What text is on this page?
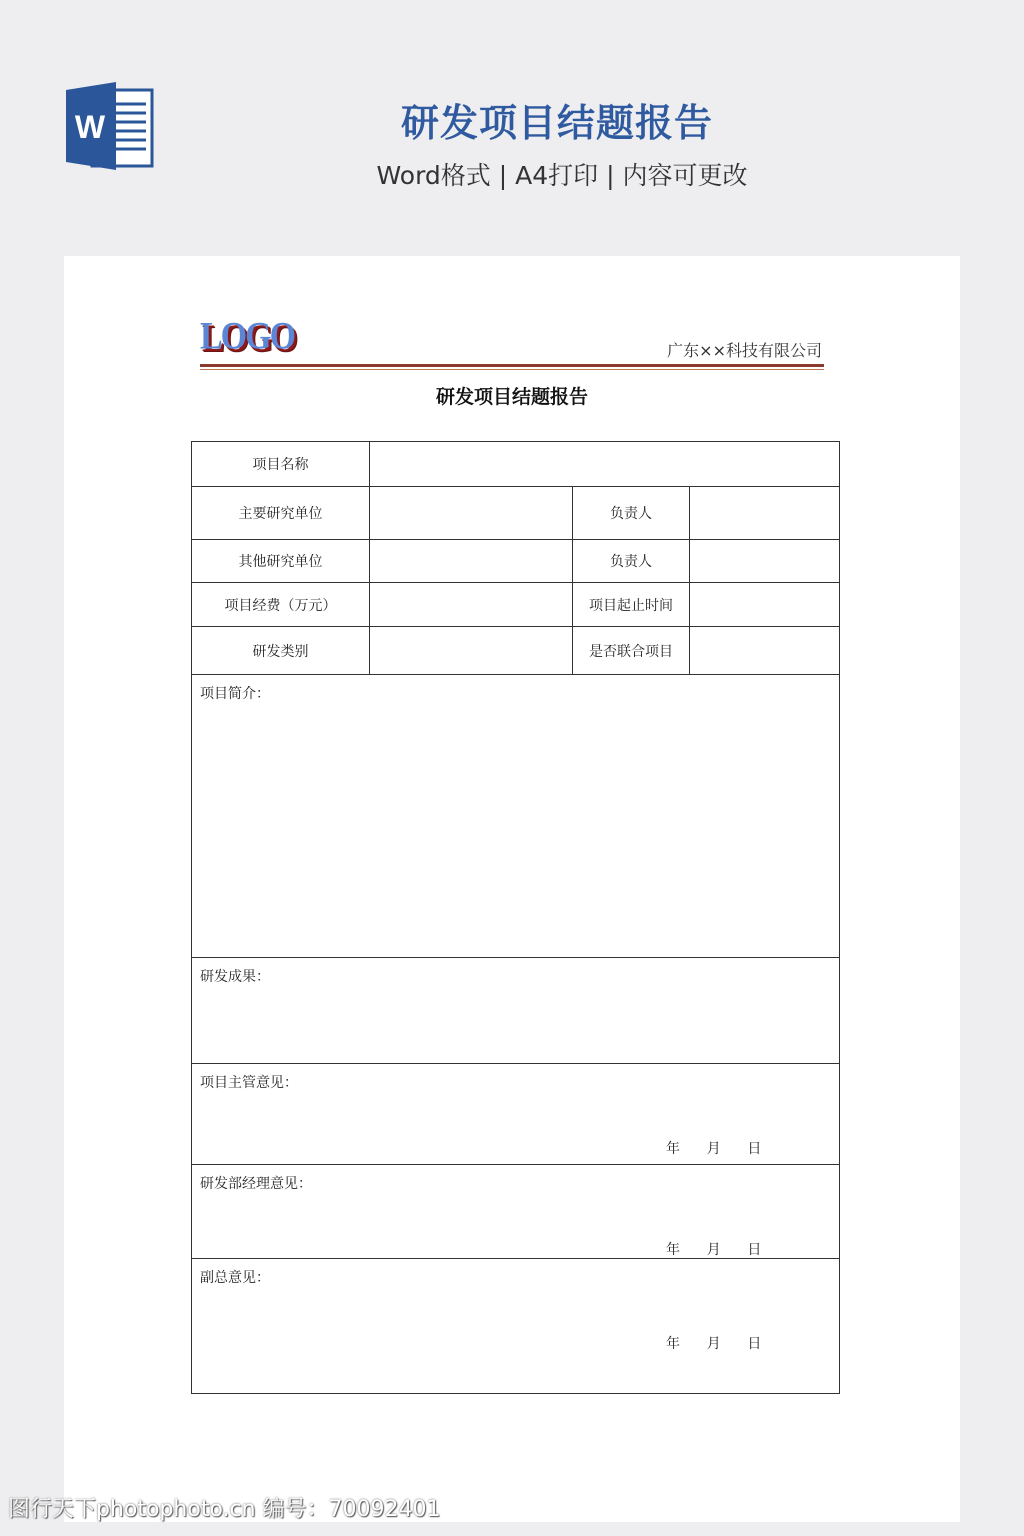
W	研发项目结题报告
Word格式 | A4打印 | 内容可更改
LOGO	广东××科技有限公司
研发项目结题报告
项目名称			
主要研究单位		负责人	
其他研究单位		负责人	
项目经费（万元）		项目起止时间	
研发类别		是否联合项目	

项目简介：			

研发成果：			

项目主管意见：
年      月      日			

研发部经理意见：
年      月      日			

副总意见：
年      月      日			
图行天下photophoto.cn 编号：70092401
